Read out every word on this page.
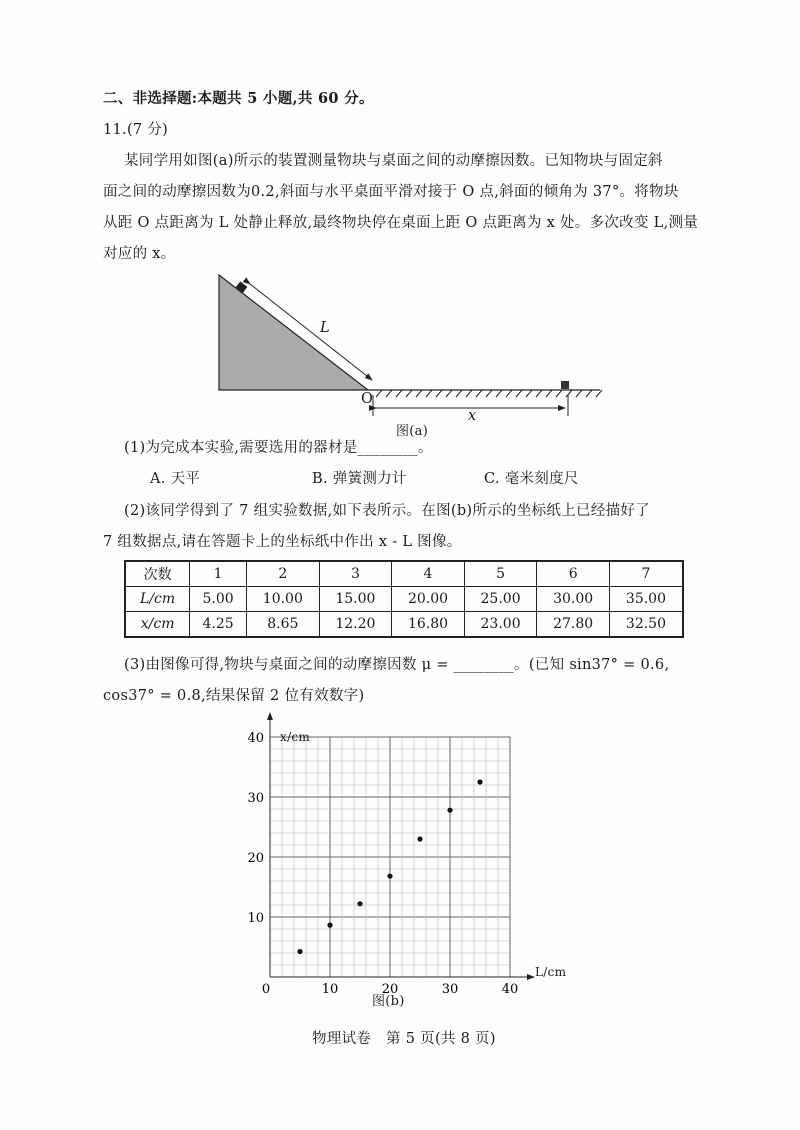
二、非选择题:本题共 5 小题,共 60 分。
11.(7 分)
某同学用如图(a)所示的装置测量物块与桌面之间的动摩擦因数。已知物块与固定斜
面之间的动摩擦因数为0.2,斜面与水平桌面平滑对接于 O 点,斜面的倾角为 37°。将物块
从距 O 点距离为 L 处静止释放,最终物块停在桌面上距 O 点距离为 x 处。多次改变 L,测量
对应的 x。
0	10	20	30	40
10
20
30
40
L
O
x
图(a)
(1)为完成本实验,需要选用的器材是________。
A. 天平	B. 弹簧测力计	C. 毫米刻度尺
(2)该同学得到了 7 组实验数据,如下表所示。在图(b)所示的坐标纸上已经描好了
7 组数据点,请在答题卡上的坐标纸中作出 x - L 图像。
次数	1	2	3	4	5	6	7
L/cm	5.00	10.00	15.00	20.00	25.00	30.00	35.00
x/cm	4.25	8.65	12.20	16.80	23.00	27.80	32.50
(3)由图像可得,物块与桌面之间的动摩擦因数 μ = ________。(已知 sin37° = 0.6,
cos37° = 0.8,结果保留 2 位有效数字)
x/cm
L/cm
图(b)
物理试卷　第 5 页(共 8 页)
